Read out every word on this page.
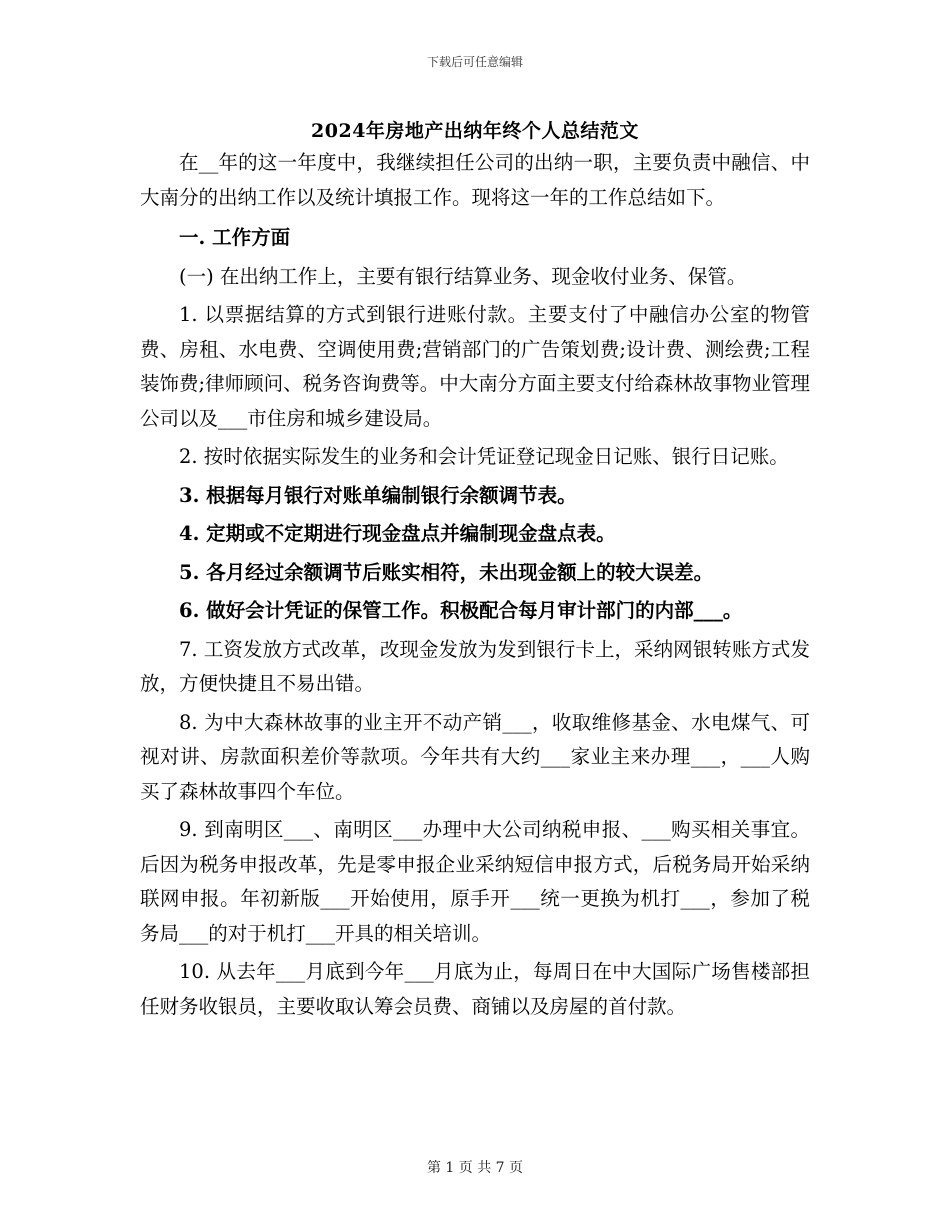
下载后可任意编辑
2024年房地产出纳年终个人总结范文

在__年的这一年度中，我继续担任公司的出纳一职，主要负责中融信、中大南分的出纳工作以及统计填报工作。现将这一年的工作总结如下。

一. 工作方面

(一) 在出纳工作上，主要有银行结算业务、现金收付业务、保管。

1. 以票据结算的方式到银行进账付款。主要支付了中融信办公室的物管费、房租、水电费、空调使用费;营销部门的广告策划费;设计费、测绘费;工程装饰费;律师顾问、税务咨询费等。中大南分方面主要支付给森林故事物业管理公司以及___市住房和城乡建设局。

2. 按时依据实际发生的业务和会计凭证登记现金日记账、银行日记账。

3. 根据每月银行对账单编制银行余额调节表。

4. 定期或不定期进行现金盘点并编制现金盘点表。

5. 各月经过余额调节后账实相符，未出现金额上的较大误差。

6. 做好会计凭证的保管工作。积极配合每月审计部门的内部___。

7. 工资发放方式改革，改现金发放为发到银行卡上，采纳网银转账方式发放，方便快捷且不易出错。

8. 为中大森林故事的业主开不动产销___，收取维修基金、水电煤气、可视对讲、房款面积差价等款项。今年共有大约___家业主来办理___，___人购买了森林故事四个车位。

9. 到南明区___、南明区___办理中大公司纳税申报、___购买相关事宜。后因为税务申报改革，先是零申报企业采纳短信申报方式，后税务局开始采纳联网申报。年初新版___开始使用，原手开___统一更换为机打___，参加了税务局___的对于机打___开具的相关培训。

10. 从去年___月底到今年___月底为止，每周日在中大国际广场售楼部担任财务收银员，主要收取认筹会员费、商铺以及房屋的首付款。

第 1 页 共 7 页
